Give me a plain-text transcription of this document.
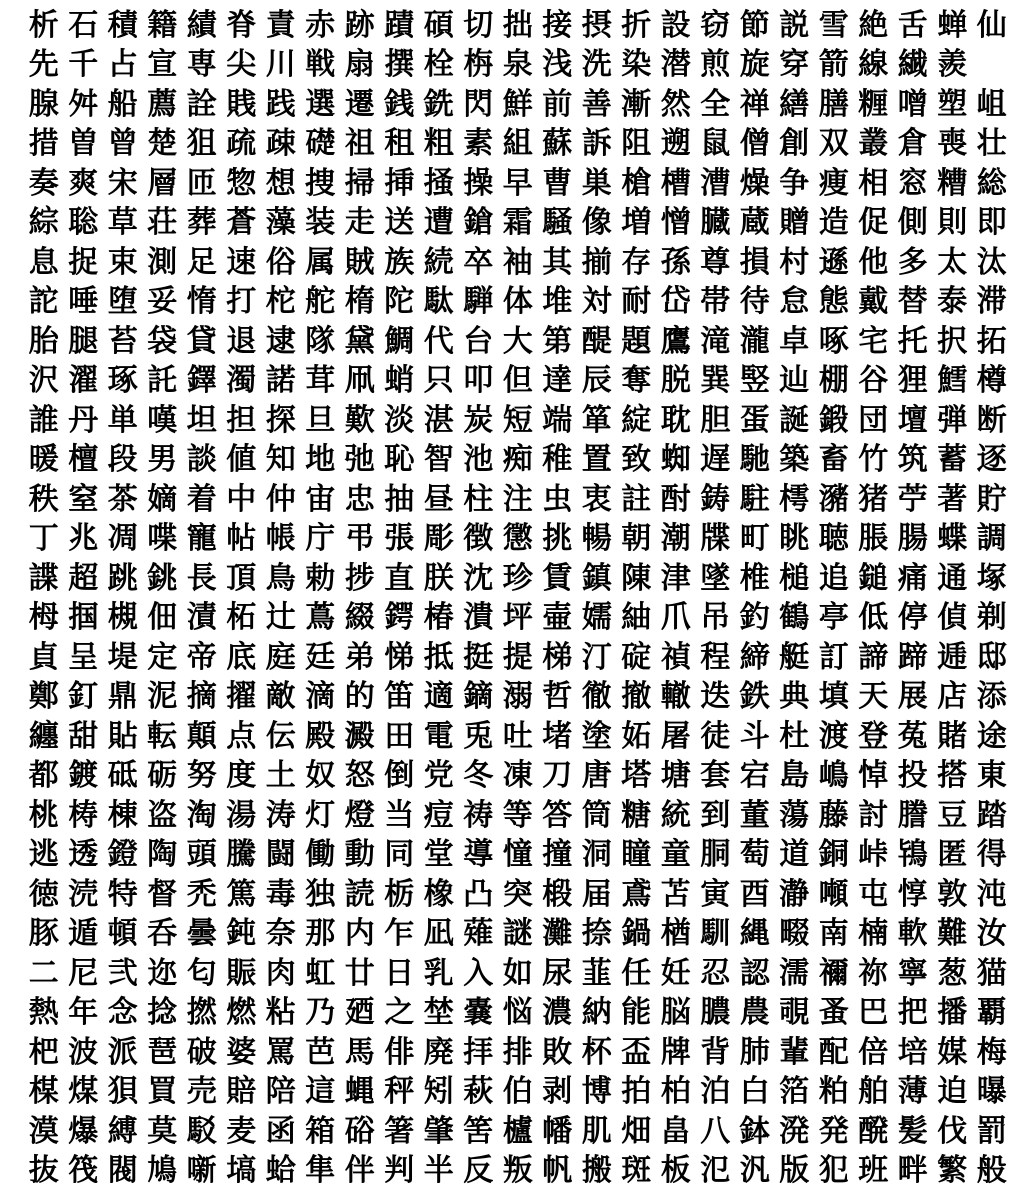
析 石 積 籍 績 脊 責 赤 跡 蹟 碩 切 拙 接 摂 折 設 窃 節 説 雪 絶 舌 蝉 仙
先 千 占 宣 専 尖 川 戦 扇 撰 栓 栴 泉 浅 洗 染 潜 煎 旋 穿 箭 線 繊 羨
腺 舛 船 薦 詮 賎 践 選 遷 銭 銑 閃 鮮 前 善 漸 然 全 禅 繕 膳 糎 噌 塑 岨
措 曽 曾 楚 狙 疏 疎 礎 祖 租 粗 素 組 蘇 訴 阻 遡 鼠 僧 創 双 叢 倉 喪 壮
奏 爽 宋 層 匝 惣 想 捜 掃 挿 掻 操 早 曹 巣 槍 槽 漕 燥 争 痩 相 窓 糟 総
綜 聡 草 荘 葬 蒼 藻 装 走 送 遭 鎗 霜 騒 像 増 憎 臓 蔵 贈 造 促 側 則 即
息 捉 束 測 足 速 俗 属 賊 族 続 卒 袖 其 揃 存 孫 尊 損 村 遜 他 多 太 汰
詑 唾 堕 妥 惰 打 柁 舵 楕 陀 駄 騨 体 堆 対 耐 岱 帯 待 怠 態 戴 替 泰 滞
胎 腿 苔 袋 貸 退 逮 隊 黛 鯛 代 台 大 第 醍 題 鷹 滝 瀧 卓 啄 宅 托 択 拓
沢 濯 琢 託 鐸 濁 諾 茸 凧 蛸 只 叩 但 達 辰 奪 脱 巽 竪 辿 棚 谷 狸 鱈 樽
誰 丹 単 嘆 坦 担 探 旦 歎 淡 湛 炭 短 端 箪 綻 耽 胆 蛋 誕 鍛 団 壇 弾 断
暖 檀 段 男 談 値 知 地 弛 恥 智 池 痴 稚 置 致 蜘 遅 馳 築 畜 竹 筑 蓄 逐
秩 窒 茶 嫡 着 中 仲 宙 忠 抽 昼 柱 注 虫 衷 註 酎 鋳 駐 樗 瀦 猪 苧 著 貯
丁 兆 凋 喋 寵 帖 帳 庁 弔 張 彫 徴 懲 挑 暢 朝 潮 牒 町 眺 聴 脹 腸 蝶 調
諜 超 跳 銚 長 頂 鳥 勅 捗 直 朕 沈 珍 賃 鎮 陳 津 墜 椎 槌 追 鎚 痛 通 塚
栂 掴 槻 佃 漬 柘 辻 蔦 綴 鍔 椿 潰 坪 壷 嬬 紬 爪 吊 釣 鶴 亭 低 停 偵 剃
貞 呈 堤 定 帝 底 庭 廷 弟 悌 抵 挺 提 梯 汀 碇 禎 程 締 艇 訂 諦 蹄 逓 邸
鄭 釘 鼎 泥 摘 擢 敵 滴 的 笛 適 鏑 溺 哲 徹 撤 轍 迭 鉄 典 填 天 展 店 添
纏 甜 貼 転 顛 点 伝 殿 澱 田 電 兎 吐 堵 塗 妬 屠 徒 斗 杜 渡 登 菟 賭 途
都 鍍 砥 砺 努 度 土 奴 怒 倒 党 冬 凍 刀 唐 塔 塘 套 宕 島 嶋 悼 投 搭 東
桃 梼 棟 盗 淘 湯 涛 灯 燈 当 痘 祷 等 答 筒 糖 統 到 董 蕩 藤 討 謄 豆 踏
逃 透 鐙 陶 頭 騰 闘 働 動 同 堂 導 憧 撞 洞 瞳 童 胴 萄 道 銅 峠 鴇 匿 得
徳 涜 特 督 禿 篤 毒 独 読 栃 橡 凸 突 椴 届 鳶 苫 寅 酉 瀞 噸 屯 惇 敦 沌
豚 遁 頓 呑 曇 鈍 奈 那 内 乍 凪 薙 謎 灘 捺 鍋 楢 馴 縄 畷 南 楠 軟 難 汝
二 尼 弐 迩 匂 賑 肉 虹 廿 日 乳 入 如 尿 韮 任 妊 忍 認 濡 禰 祢 寧 葱 猫
熱 年 念 捻 撚 燃 粘 乃 廼 之 埜 嚢 悩 濃 納 能 脳 膿 農 覗 蚤 巴 把 播 覇
杷 波 派 琶 破 婆 罵 芭 馬 俳 廃 拝 排 敗 杯 盃 牌 背 肺 輩 配 倍 培 媒 梅
楳 煤 狽 買 売 賠 陪 這 蝿 秤 矧 萩 伯 剥 博 拍 柏 泊 白 箔 粕 舶 薄 迫 曝
漠 爆 縛 莫 駁 麦 函 箱 硲 箸 肇 筈 櫨 幡 肌 畑 畠 八 鉢 溌 発 醗 髪 伐 罰
抜 筏 閥 鳩 噺 塙 蛤 隼 伴 判 半 反 叛 帆 搬 斑 板 氾 汎 版 犯 班 畔 繁 般
